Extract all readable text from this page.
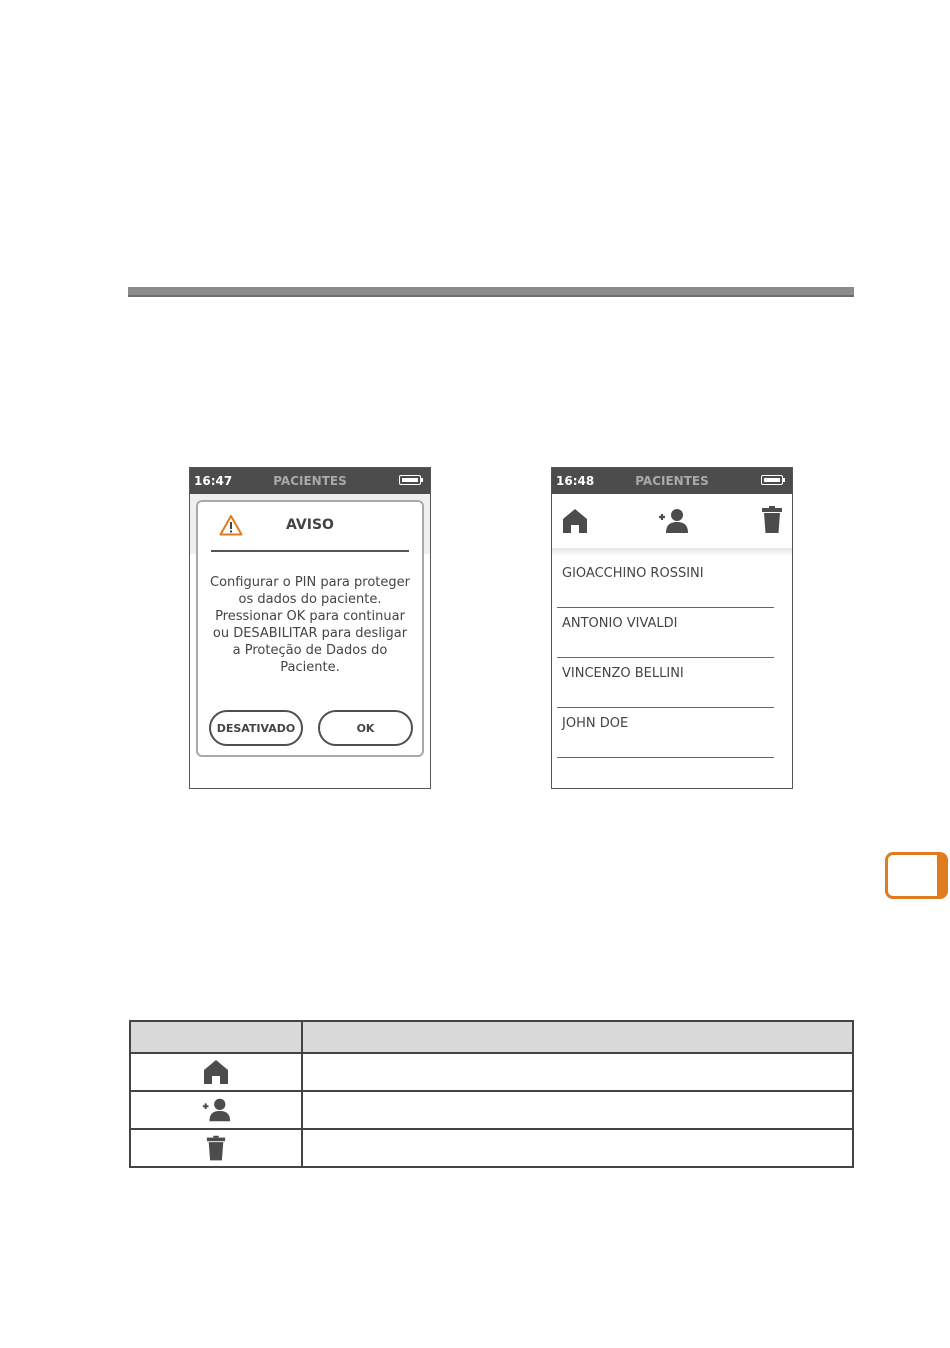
16:47	PACIENTES
AVISO
Configurar o PIN para proteger
os dados do paciente.
Pressionar OK para continuar
ou DESABILITAR para desligar
a Proteção de Dados do
Paciente.
DESATIVADO	OK
16:48	PACIENTES
GIOACCHINO ROSSINI
ANTONIO VIVALDI
VINCENZO BELLINI
JOHN DOE
